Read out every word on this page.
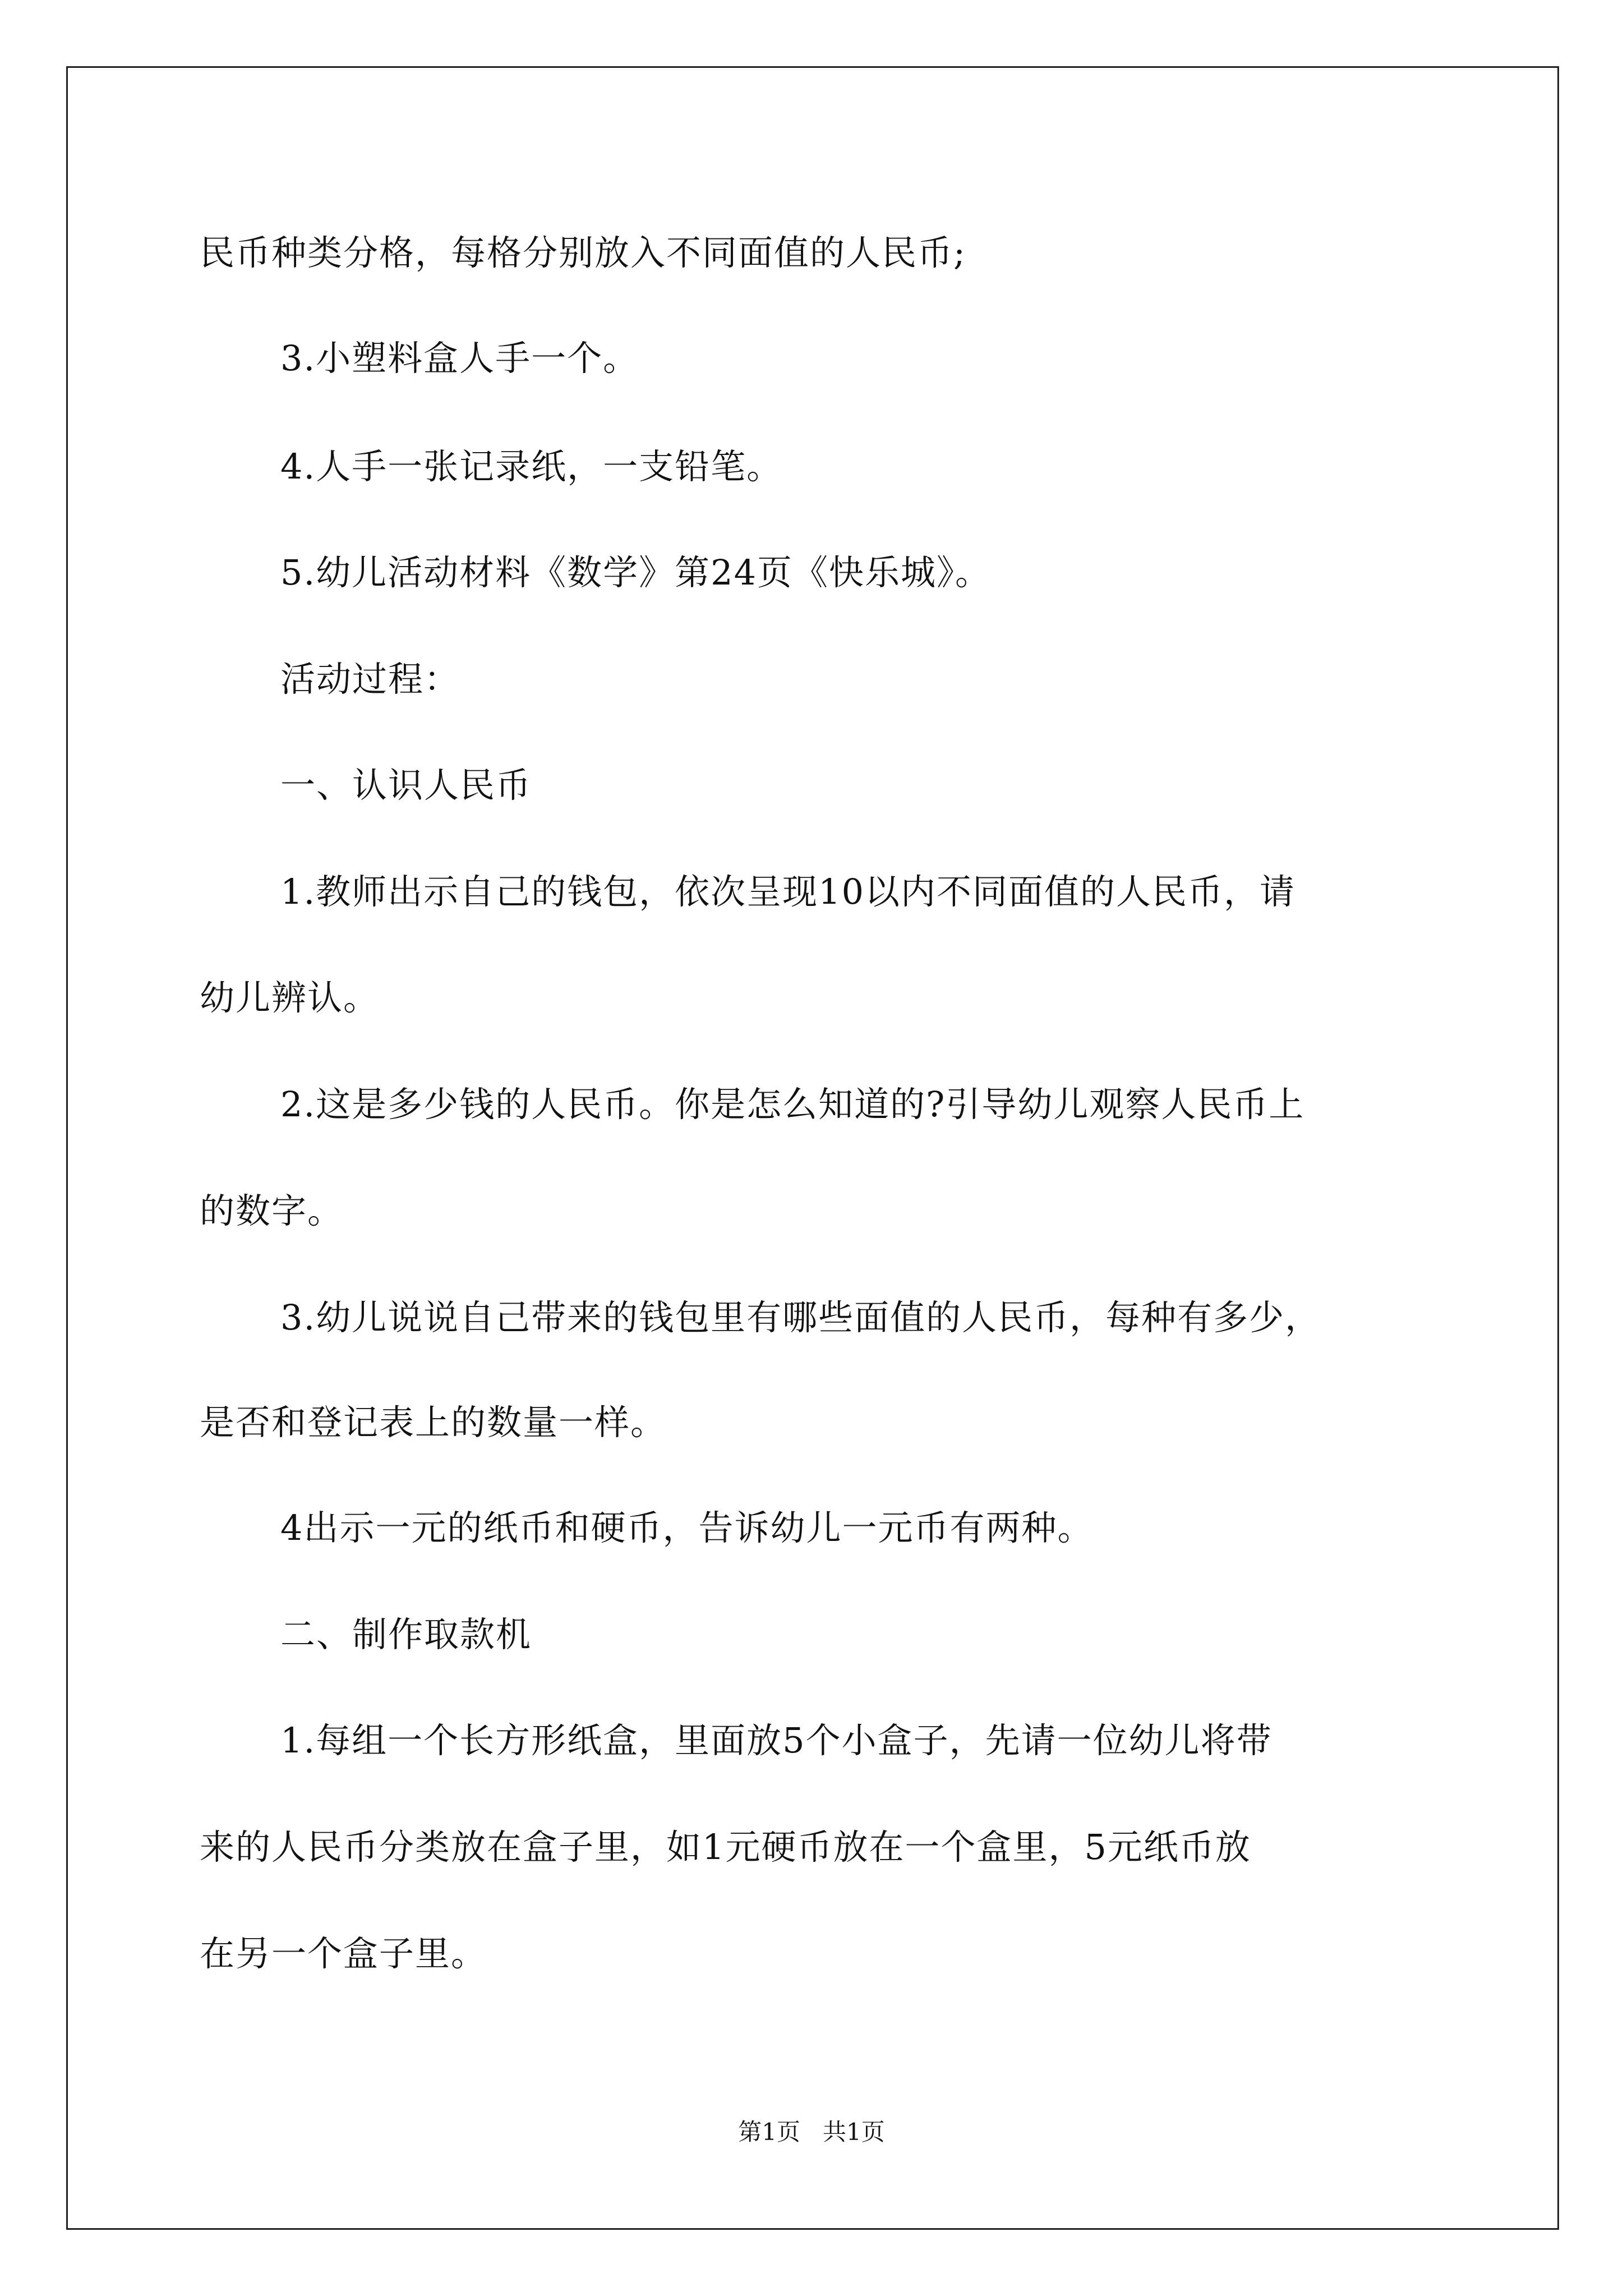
民币种类分格，每格分别放入不同面值的人民币;
3.小塑料盒人手一个。
4.人手一张记录纸，一支铅笔。
5.幼儿活动材料《数学》第24页《快乐城》。
活动过程：
一、认识人民币
1.教师出示自己的钱包，依次呈现10以内不同面值的人民币，请
幼儿辨认。
2.这是多少钱的人民币。你是怎么知道的?引导幼儿观察人民币上
的数字。
3.幼儿说说自己带来的钱包里有哪些面值的人民币，每种有多少，
是否和登记表上的数量一样。
4出示一元的纸币和硬币，告诉幼儿一元币有两种。
二、制作取款机
1.每组一个长方形纸盒，里面放5个小盒子，先请一位幼儿将带
来的人民币分类放在盒子里，如1元硬币放在一个盒里，5元纸币放
在另一个盒子里。
第1页   共1页
